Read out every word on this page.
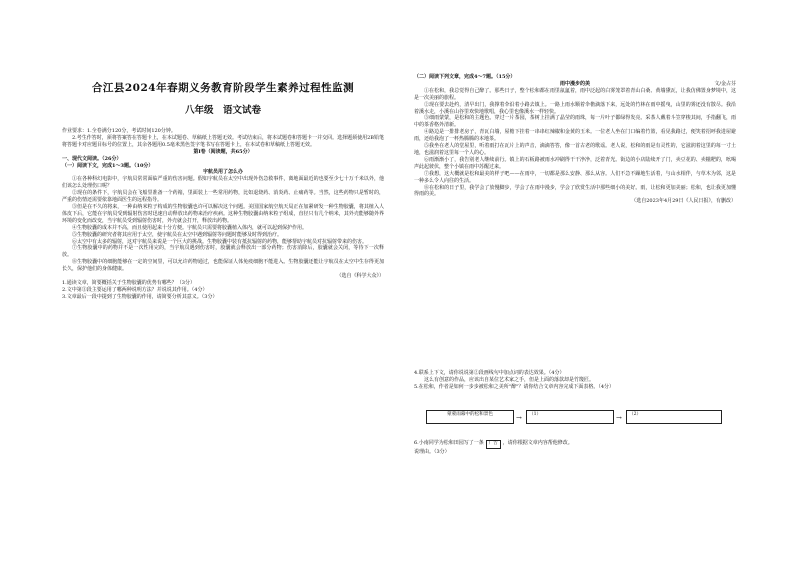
合江县2024年春期义务教育阶段学生素养过程性监测
八年级　语文试卷

作业要求：1.全卷满分120分，考试时间120分钟。

2.考生作答时，须将答案答在答题卡上，在本试题卷、草稿纸上答题无效。考试结束后，将本试题卷和答题卡一并交回。选择题须使用2B铅笔将答题卡对应题目标号的位置上，其余各题用0.5毫米黑色签字笔书写在答题卡上，在本试卷和草稿纸上答题无效。

第Ⅰ卷（阅读题，共65分）

一、现代文阅读。（26分）

（一）阅读下文，完成1～3题。（10分）

宇航员用了怎么办

①在各种科幻电影中，宇航员常常面临严重的伤害问题。假如宇航员在太空中出现外伤急救事件，离地面最近的也要至少七十万千米以外，他们该怎么处理伤口呢？

②现在的条件下，宇航员会在飞船里准备一个药箱，里面装上一些常用药物，比如退烧药、消炎药、止痛药等。当然，这些药物只是暂时的，严重的伤情还需要依靠地面医生的远程指导。

③但是在不久的将来，一种由纳米粒子构成的生物胶囊也许可以解决这个问题。美国国家航空航天局正在加紧研发一种生物胶囊，将其植入人体皮下后，它能在宇航员受到辐射伤害时迅速自动释放出药物来治疗疾病。这种生物胶囊由纳米粒子组成，直径只有几个纳米，其外壳能够随外界环境的变化而改变，当宇航员受到辐射伤害时，外壳就会打开，释放出药物。

④生物胶囊的成本并不高，而且使用起来十分方便。宇航员只需要将胶囊植入体内，就可以起到保护作用。

⑤生物胶囊的研究者将其应用于太空，使宇航员在太空中遇到辐射等问题时能够及时得到治疗。

⑥太空中有太多的辐射，这对宇航员来说是一个巨大的挑战。生物胶囊中装有抵抗辐射的药物，能够帮助宇航员对抗辐射带来的伤害。

⑦生物胶囊中的药物并不是一次性用完的，当宇航员遇到伤害时，胶囊就会释放出一部分药物；伤害消除后，胶囊就会关闭，等待下一次释放。

⑧生物胶囊中的细胞能够在一定的空间里，可以允许药物通过，也能保证人体免疫细胞不能进入。生物胶囊还能让宇航员在太空中生存得更加长久，保护他们的身体健康。

（选自《科学大众》）

1.通读文章，简要概括关于生物胶囊的优势有哪些？（3分）

2.文中第③段主要运用了哪两种说明方法？并说说其作用。（4分）

3.文章最后一段中提到了生物胶囊的作用，请简要分析其意义。（3分）

（二）阅读下列文章，完成4～7题。（15分）

雨中漫步的美	文/金占芬

①在松和，我总觉得自己醉了。那些日子，整个松和都在雨里氤氲着，雨中泛起的白雾笼罩着青山白桑、黄墙黛瓦，让我仿佛置身梦境中，这是一次美丽的旅程。

②现在要去赴约，清早出门，我撑着伞沿着小路去镇上。一路上雨水顺着伞檐滴落下来，远处的竹林在雨中摇曳，山里的雾还没有散尽。我沿着溪水走，小溪在山谷里欢快地歌唱，我心里也像溪水一样轻快。

③细雨蒙蒙，是松和的主题色。穿过一片茶园，茶树上挂满了晶莹的雨珠，每一片叶子都绿得发亮。采茶人戴着斗笠穿梭其间，手指翻飞，雨中的茶香格外清新。

④路边是一排排老房子，青瓦白墙，屋檐下挂着一串串红辣椒和金黄的玉米。一位老人坐在门口编着竹篮，看见我路过，便笑着招呼我进屋避雨，还给我泡了一杯热腾腾的本地茶。

⑤我坐在老人的堂屋里，听着雨打在瓦片上的声音，滴滴答答，像一首古老的歌谣。老人说，松和的雨是有灵性的，它滋润着这里的每一寸土地，也滋润着这里每一个人的心。

⑥雨渐渐小了，我告别老人继续前行。镇上的石板路被雨水冲刷得干干净净，泛着青光。街边的小店陆续开了门，卖豆花的、卖糍粑的，吆喝声此起彼伏，整个小镇在雨中苏醒过来。

⑦我想，这大概就是松和最美的样子吧——在雨中，一切都是那么安静、那么从容。人们不急不躁地生活着，与山水相伴，与草木为邻，这是一种多么令人向往的生活。

⑧在松和的日子里，我学会了放慢脚步，学会了在雨中漫步，学会了欣赏生活中那些细小的美好。雨，让松和更加美丽；松和，也让我更加懂得雨的美。

（选自2023年4月29日《人民日报》，有删改）

4.联系上下文，请你说说第②段画线句中加点词的表达效果。（4分）

这么有创意的作品，应该出自某位艺术家之手，但是上面的落款却是竹篾匠。

5.在松和，作者是如何一步步被松和之美所"醉"？请你结合文章内容完成下面表格。（4分）

蒙蒙雨幕中的松和景色	→	（1）	→	（2）

6.小南同学为松和田园写了一条 广告 ，请你根据文章内容帮他修改。

说理由。（3分）
